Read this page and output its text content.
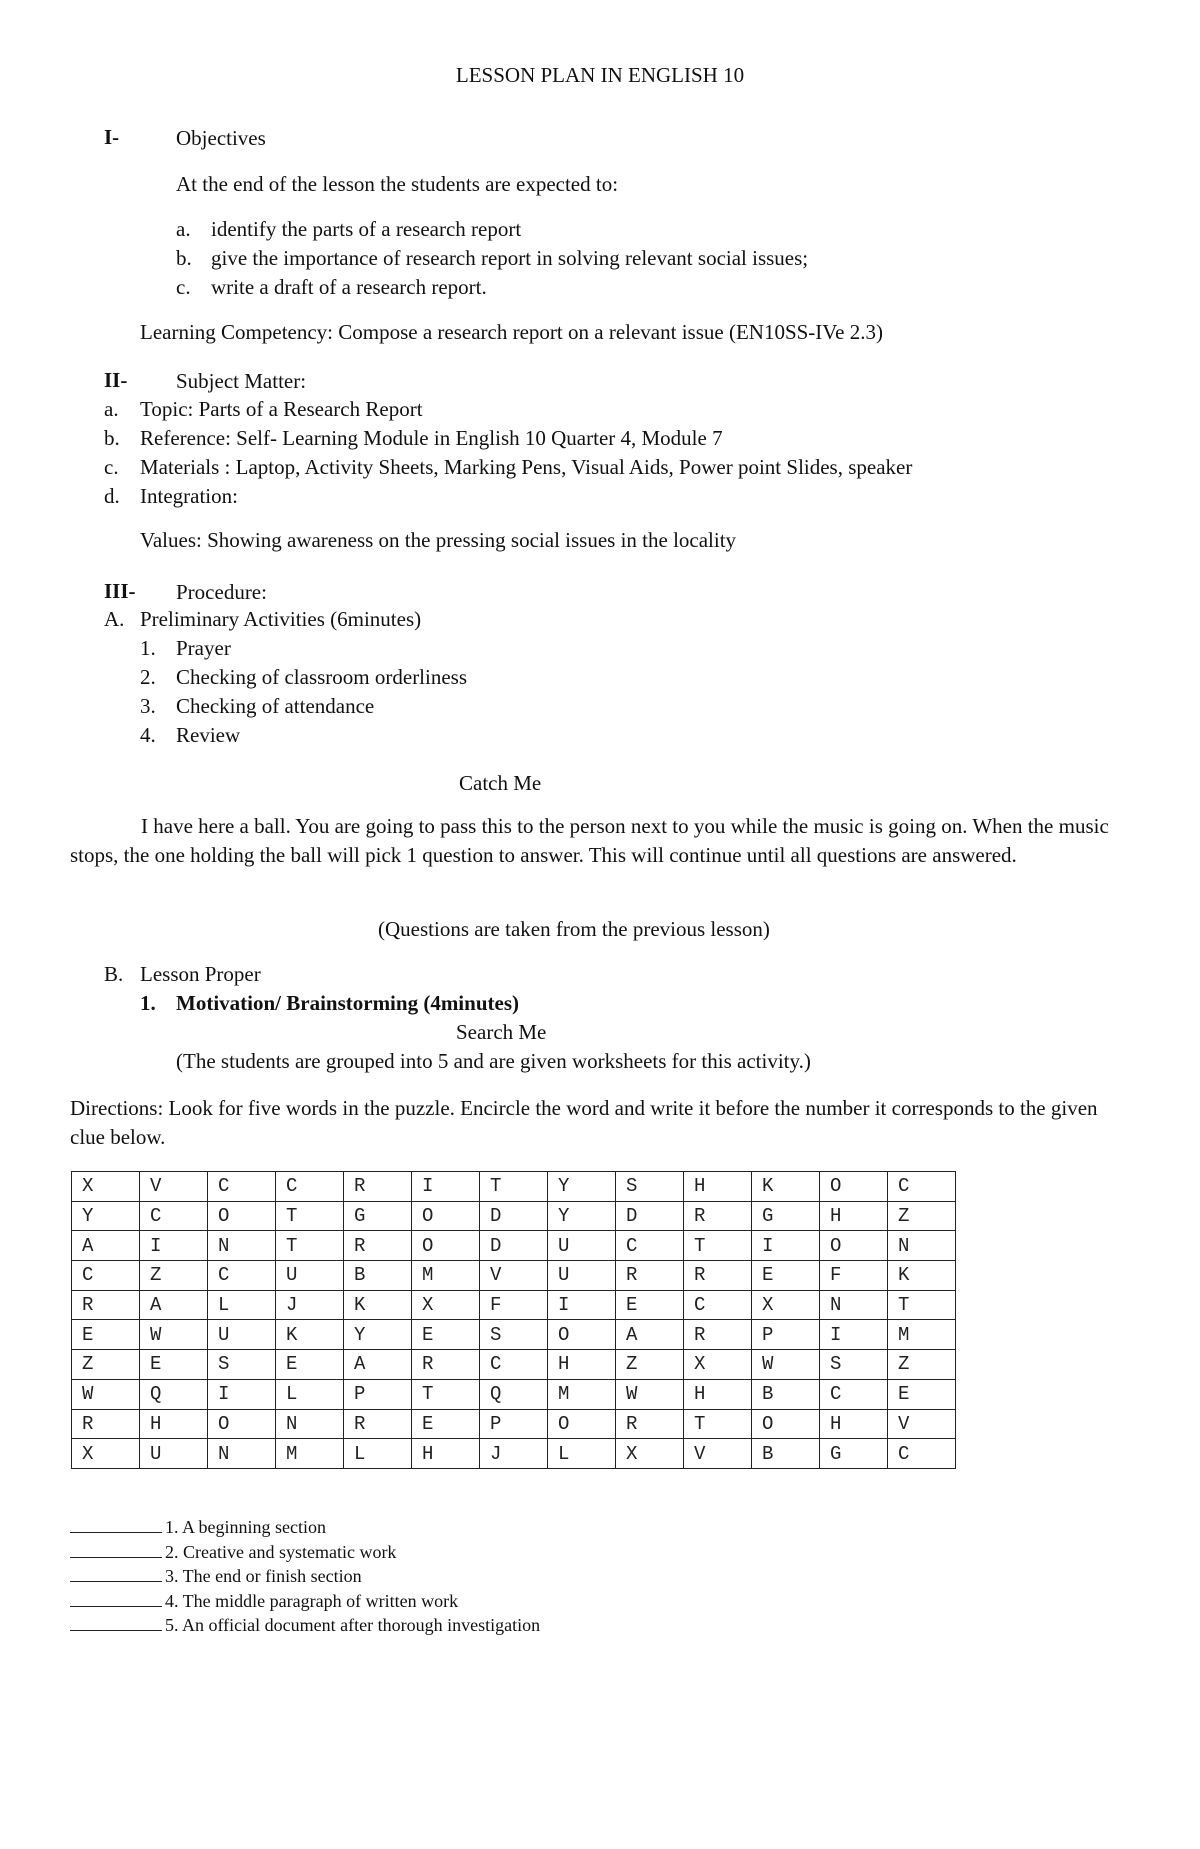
LESSON PLAN IN ENGLISH 10
I-	Objectives
At the end of the lesson the students are expected to:
a. identify the parts of a research report
b. give the importance of research report in solving relevant social issues;
c. write a draft of a research report.
Learning Competency: Compose a research report on a relevant issue (EN10SS-IVe 2.3)
II- Subject Matter:
a. Topic: Parts of a Research Report
b. Reference: Self- Learning Module in English 10 Quarter 4, Module 7
c. Materials : Laptop, Activity Sheets, Marking Pens, Visual Aids, Power point Slides, speaker
d. Integration:
Values: Showing awareness on the pressing social issues in the locality
III- Procedure:
A. Preliminary Activities (6minutes)
1. Prayer
2. Checking of classroom orderliness
3. Checking of attendance
4. Review
Catch Me
I have here a ball. You are going to pass this to the person next to you while the music is going on. When the music stops, the one holding the ball will pick 1 question to answer. This will continue until all questions are answered.
(Questions are taken from the previous lesson)
B. Lesson Proper
1. Motivation/ Brainstorming (4minutes)
Search Me
(The students are grouped into 5 and are given worksheets for this activity.)
Directions: Look for five words in the puzzle. Encircle the word and write it before the number it corresponds to the given clue below.
X	V	C	C	R	I	T	Y	S	H	K	O	C
Y	C	O	T	G	O	D	Y	D	R	G	H	Z
A	I	N	T	R	O	D	U	C	T	I	O	N
C	Z	C	U	B	M	V	U	R	R	E	F	K
R	A	L	J	K	X	F	I	E	C	X	N	T
E	W	U	K	Y	E	S	O	A	R	P	I	M
Z	E	S	E	A	R	C	H	Z	X	W	S	Z
W	Q	I	L	P	T	Q	M	W	H	B	C	E
R	H	O	N	R	E	P	O	R	T	O	H	V
X	U	N	M	L	H	J	L	X	V	B	G	C
1. A beginning section
2. Creative and systematic work
3. The end or finish section
4. The middle paragraph of written work
5. An official document after thorough investigation
